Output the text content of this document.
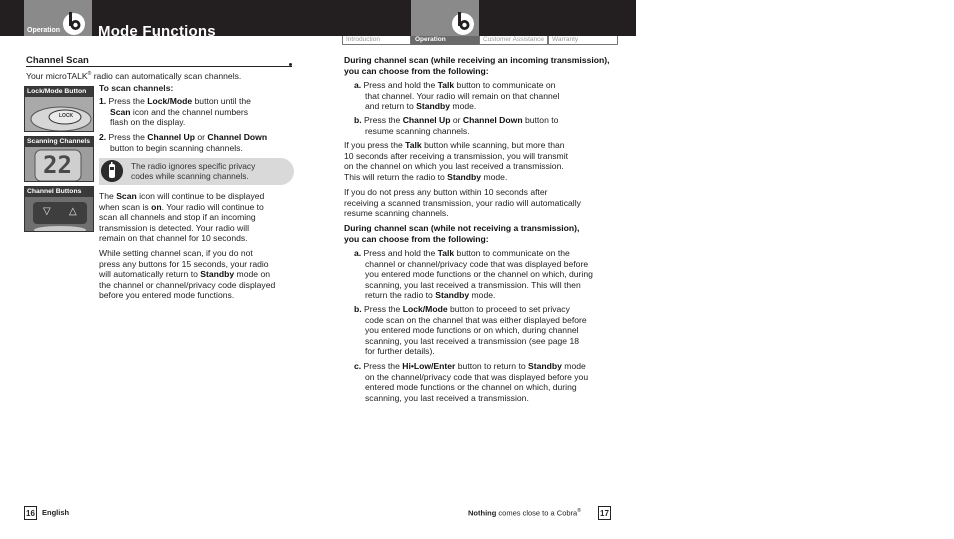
Operation	Mode Functions	Introduction	Operation	Customer Assistance	Warranty
Channel Scan
Your microTALK® radio can automatically scan channels.
Lock/Mode Button
LOCK
Scanning Channels
22
Channel Buttons
▽ △
To scan channels:
1. Press the Lock/Mode button until the
Scan icon and the channel numbers
flash on the display.
2. Press the Channel Up or Channel Down
button to begin scanning channels.
The radio ignores specific privacy
codes while scanning channels.
The Scan icon will continue to be displayed
when scan is on. Your radio will continue to
scan all channels and stop if an incoming
transmission is detected. Your radio will
remain on that channel for 10 seconds.
While setting channel scan, if you do not
press any buttons for 15 seconds, your radio
will automatically return to Standby mode on
the channel or channel/privacy code displayed
before you entered mode functions.
During channel scan (while receiving an incoming transmission),
you can choose from the following:
a. Press and hold the Talk button to communicate on
that channel. Your radio will remain on that channel
and return to Standby mode.
b. Press the Channel Up or Channel Down button to
resume scanning channels.
If you press the Talk button while scanning, but more than
10 seconds after receiving a transmission, you will transmit
on the channel on which you last received a transmission.
This will return the radio to Standby mode.
If you do not press any button within 10 seconds after
receiving a scanned transmission, your radio will automatically
resume scanning channels.
During channel scan (while not receiving a transmission),
you can choose from the following:
a. Press and hold the Talk button to communicate on the
channel or channel/privacy code that was displayed before
you entered mode functions or the channel on which, during
scanning, you last received a transmission. This will then
return the radio to Standby mode.
b. Press the Lock/Mode button to proceed to set privacy
code scan on the channel that was either displayed before
you entered mode functions or on which, during channel
scanning, you last received a transmission (see page 18
for further details).
c. Press the Hi•Low/Enter button to return to Standby mode
on the channel/privacy code that was displayed before you
entered mode functions or the channel on which, during
scanning, you last received a transmission.
16 English	Nothing comes close to a Cobra® 17
